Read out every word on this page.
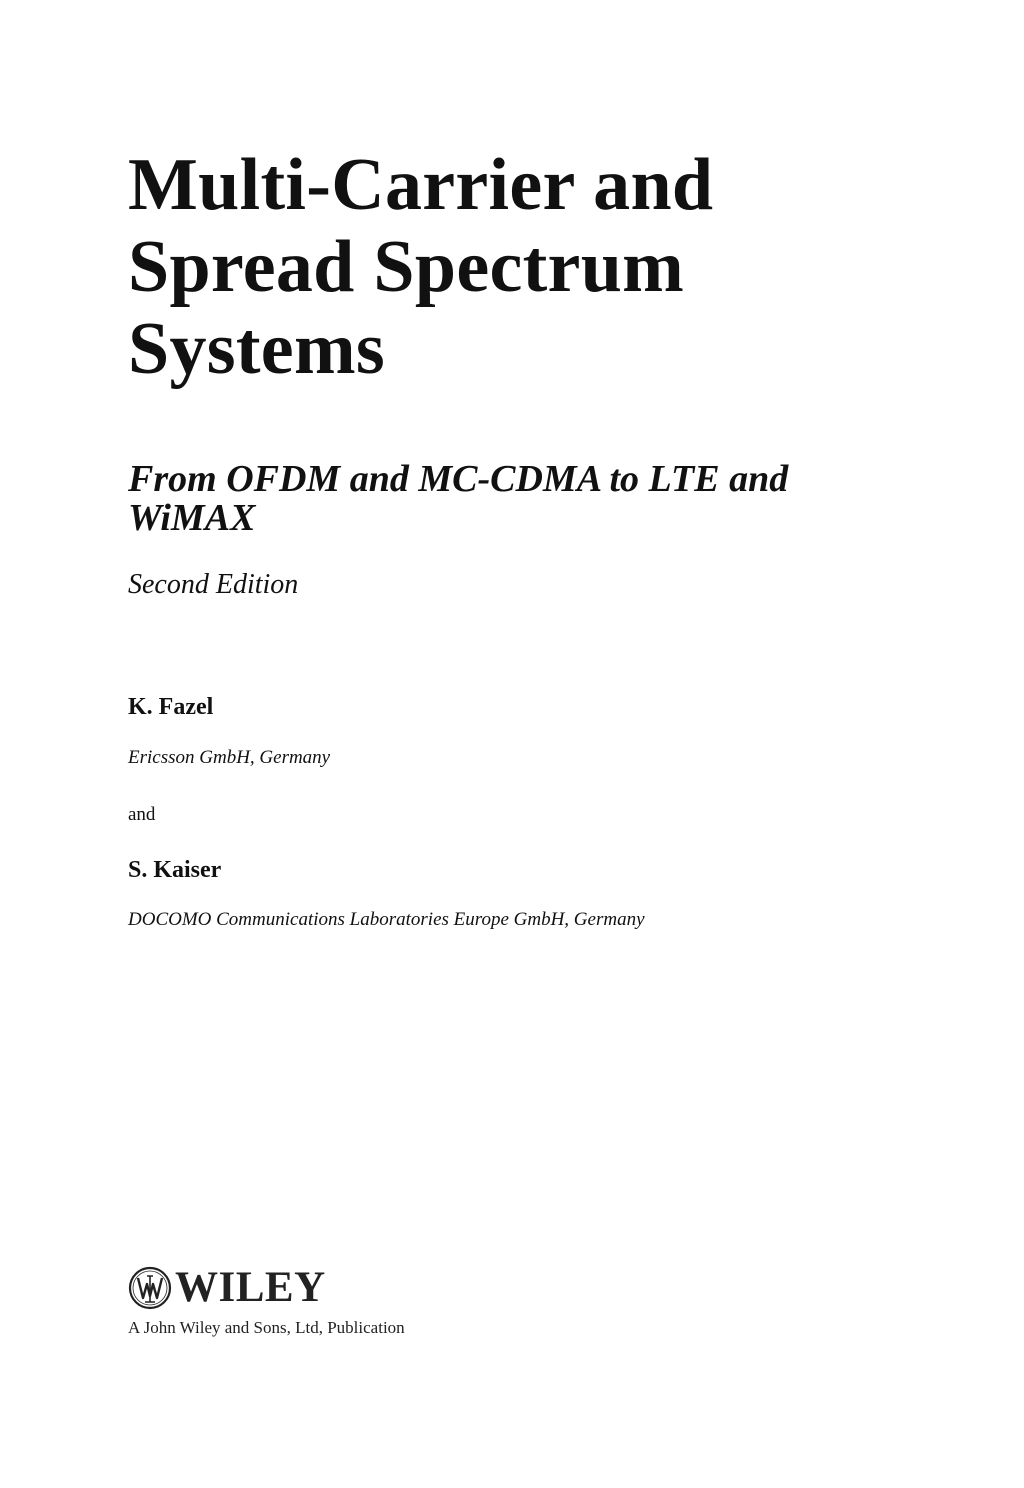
Multi-Carrier and
Spread Spectrum
Systems
From OFDM and MC-CDMA to LTE and
WiMAX

Second Edition

K. Fazel

Ericsson GmbH, Germany

and

S. Kaiser

DOCOMO Communications Laboratories Europe GmbH, Germany

WILEY
A John Wiley and Sons, Ltd, Publication
